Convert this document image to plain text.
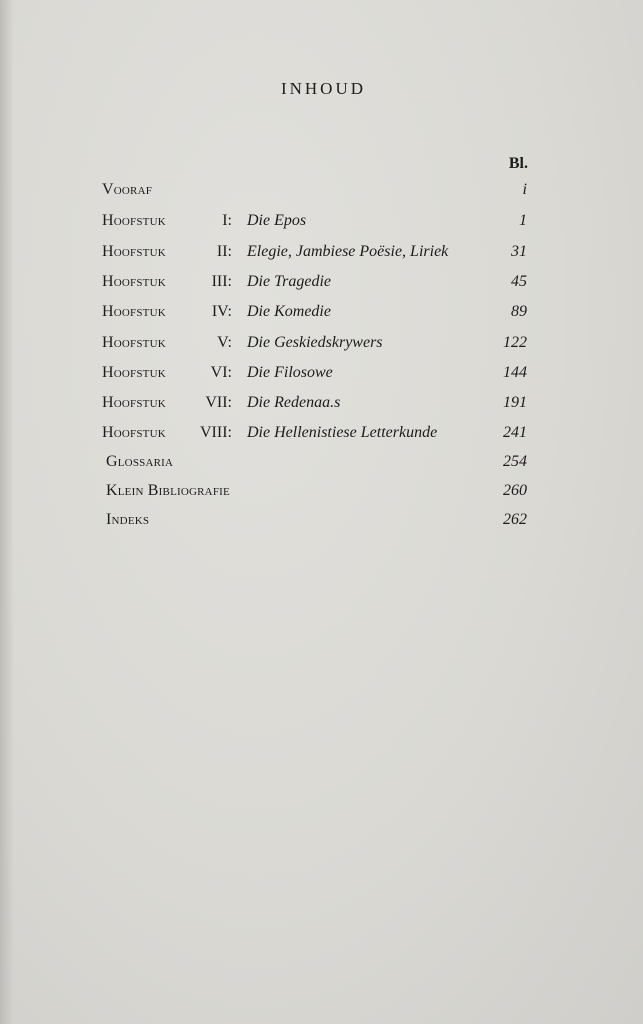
INHOUD
Bl.
Vooraf	i
Hoofstuk	I: Die Epos	1
Hoofstuk	II: Elegie, Jambiese Poësie, Liriek	31
Hoofstuk	III: Die Tragedie	45
Hoofstuk	IV: Die Komedie	89
Hoofstuk	V: Die Geskiedskrywers	122
Hoofstuk	VI: Die Filosowe	144
Hoofstuk VII: Die Redenaa.s	191
Hoofstuk VIII: Die Hellenistiese Letterkunde	241
Glossaria	254
Klein Bibliografie	260
Indeks	262
